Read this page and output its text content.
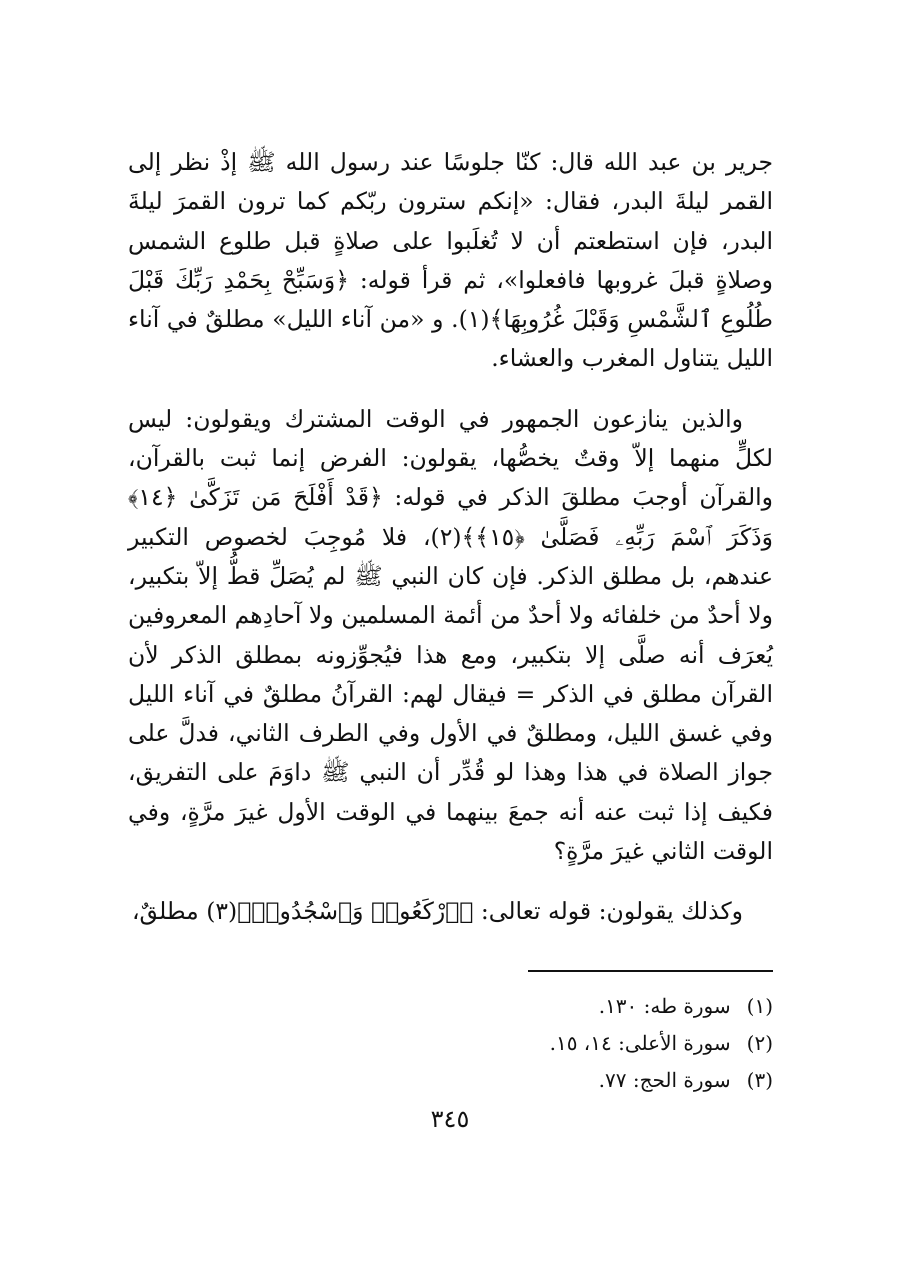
جرير بن عبد الله قال: كنّا جلوسًا عند رسول الله ﷺ إذْ نظر إلى القمر ليلةَ البدر، فقال: «إنكم سترون ربّكم كما ترون القمرَ ليلةَ البدر، فإن استطعتم أن لا تُغلَبوا على صلاةٍ قبل طلوع الشمس وصلاةٍ قبلَ غروبها فافعلوا»، ثم قرأ قوله: ﴿وَسَبِّحْ بِحَمْدِ رَبِّكَ قَبْلَ طُلُوعِ ٱلشَّمْسِ وَقَبْلَ غُرُوبِهَا﴾(١). و «من آناء الليل» مطلقٌ في آناء الليل يتناول المغرب والعشاء.

والذين ينازعون الجمهور في الوقت المشترك ويقولون: ليس لكلٍّ منهما إلاّ وقتٌ يخصُّها، يقولون: الفرض إنما ثبت بالقرآن، والقرآن أوجبَ مطلقَ الذكر في قوله: ﴿قَدْ أَفْلَحَ مَن تَزَكَّىٰ ﴿١٤﴾ وَذَكَرَ ٱسْمَ رَبِّهِۦ فَصَلَّىٰ ﴿١٥﴾﴾(٢)، فلا مُوجِبَ لخصوص التكبير عندهم، بل مطلق الذكر. فإن كان النبي ﷺ لم يُصَلِّ قطُّ إلاّ بتكبير، ولا أحدٌ من خلفائه ولا أحدٌ من أئمة المسلمين ولا آحادِهم المعروفين يُعرَف أنه صلَّى إلا بتكبير، ومع هذا فيُجوِّزونه بمطلق الذكر لأن القرآن مطلق في الذكر = فيقال لهم: القرآنُ مطلقٌ في آناء الليل وفي غسق الليل، ومطلقٌ في الأول وفي الطرف الثاني، فدلَّ على جواز الصلاة في هذا وهذا لو قُدِّر أن النبي ﷺ داوَمَ على التفريق، فكيف إذا ثبت عنه أنه جمعَ بينهما في الوقت الأول غيرَ مرَّةٍ، وفي الوقت الثاني غيرَ مرَّةٍ؟

وكذلك يقولون: قوله تعالى: ﴿ٱرْكَعُوا۟ وَٱسْجُدُوا۟﴾(٣) مطلقٌ،

(١)سورة طه: ١٣٠.
(٢)سورة الأعلى: ١٤، ١٥.
(٣)سورة الحج: ٧٧.
٣٤٥
